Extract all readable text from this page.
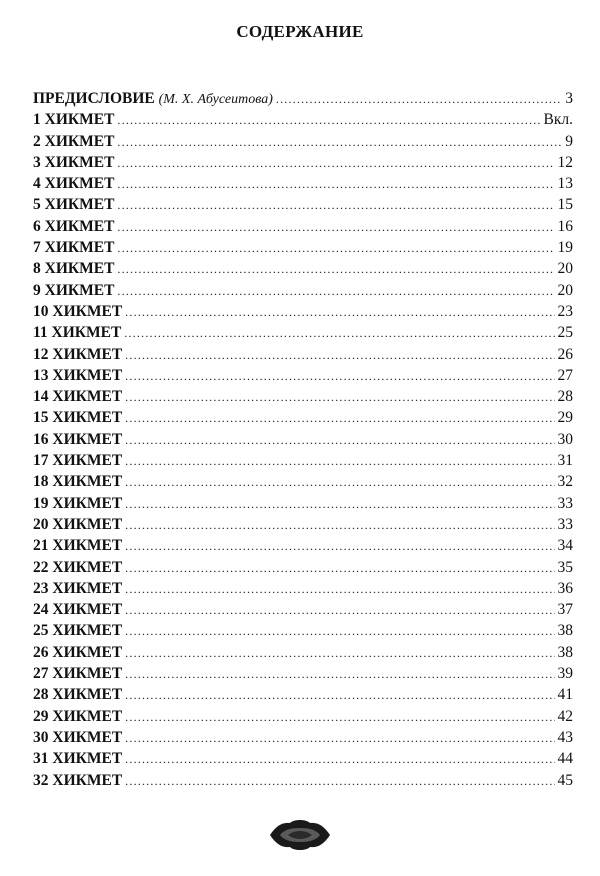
СОДЕРЖАНИЕ
ПРЕДИСЛОВИЕ (М. Х. Абусеитова) .....	3
1 ХИКМЕТ .....	Вкл.
2 ХИКМЕТ .....	9
3 ХИКМЕТ .....	12
4 ХИКМЕТ .....	13
5 ХИКМЕТ .....	15
6 ХИКМЕТ .....	16
7 ХИКМЕТ .....	19
8 ХИКМЕТ .....	20
9 ХИКМЕТ .....	20
10 ХИКМЕТ .....	23
11 ХИКМЕТ .....	25
12 ХИКМЕТ .....	26
13 ХИКМЕТ .....	27
14 ХИКМЕТ .....	28
15 ХИКМЕТ .....	29
16 ХИКМЕТ .....	30
17 ХИКМЕТ .....	31
18 ХИКМЕТ .....	32
19 ХИКМЕТ .....	33
20 ХИКМЕТ .....	33
21 ХИКМЕТ .....	34
22 ХИКМЕТ .....	35
23 ХИКМЕТ .....	36
24 ХИКМЕТ .....	37
25 ХИКМЕТ .....	38
26 ХИКМЕТ .....	38
27 ХИКМЕТ .....	39
28 ХИКМЕТ .....	41
29 ХИКМЕТ .....	42
30 ХИКМЕТ .....	43
31 ХИКМЕТ .....	44
32 ХИКМЕТ .....	45
